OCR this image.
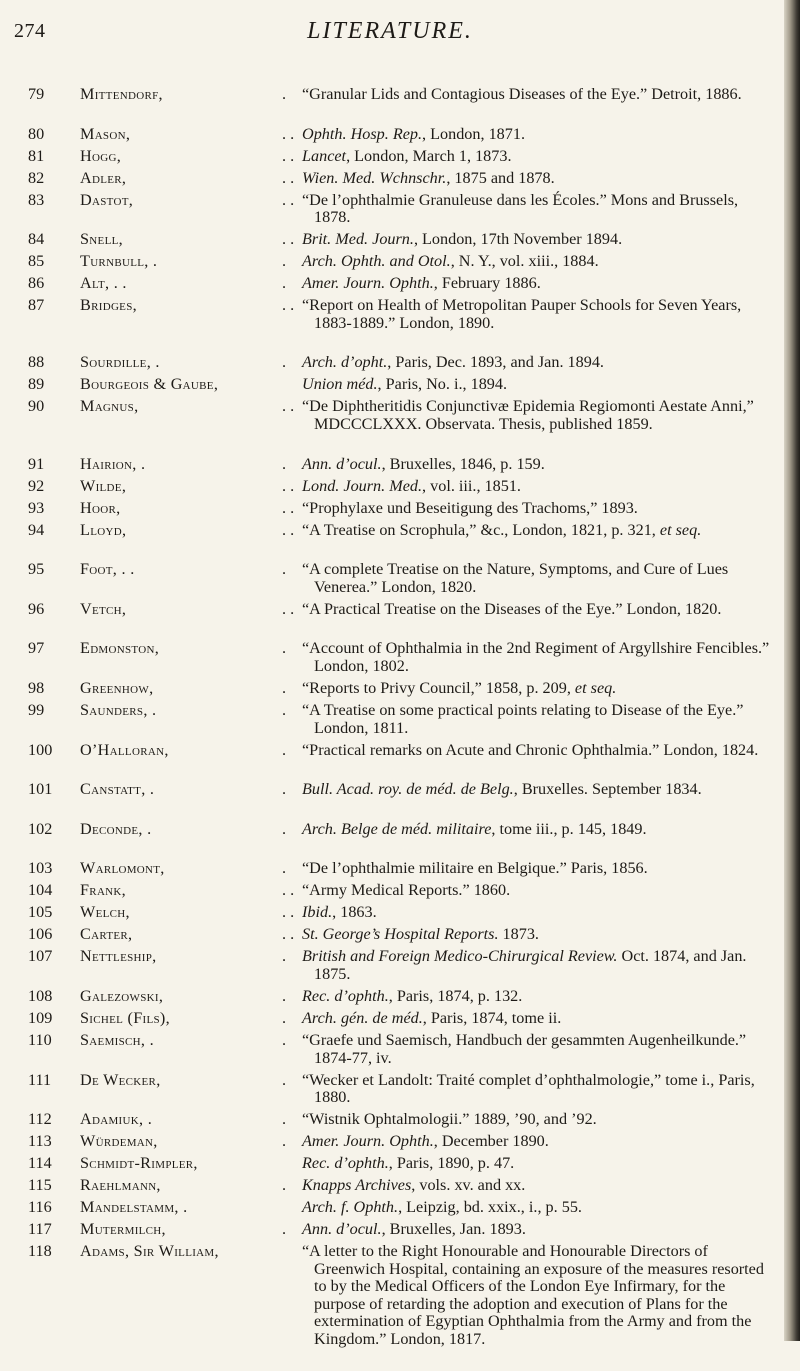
274	LITERATURE.
79	Mittendorf,	. “Granular Lids and Contagious Diseases of the Eye.” Detroit, 1886.
80	Mason,	. . Ophth. Hosp. Rep., London, 1871.
81	Hogg,	. . Lancet, London, March 1, 1873.
82	Adler,	. . Wien. Med. Wchnschr., 1875 and 1878.
83	Dastot,	. . “De l’ophthalmie Granuleuse dans les Écoles.” Mons and Brussels, 1878.
84	Snell,	. . Brit. Med. Journ., London, 17th November 1894.
85	Turnbull, .	. Arch. Ophth. and Otol., N. Y., vol. xiii., 1884.
86	Alt, . .	. Amer. Journ. Ophth., February 1886.
87	Bridges,	. . “Report on Health of Metropolitan Pauper Schools for Seven Years, 1883-1889.” London, 1890.
88	Sourdille, .	. Arch. d’opht., Paris, Dec. 1893, and Jan. 1894.
89	Bourgeois & Gaube,	Union méd., Paris, No. i., 1894.
90	Magnus,	. . “De Diphtheritidis Conjunctivæ Epidemia Regiomonti Aestate Anni,” MDCCCLXXX. Observata. Thesis, published 1859.
91	Hairion, .	. Ann. d’ocul., Bruxelles, 1846, p. 159.
92	Wilde,	. . Lond. Journ. Med., vol. iii., 1851.
93	Hoor,	. . “Prophylaxe und Beseitigung des Trachoms,” 1893.
94	Lloyd,	. . “A Treatise on Scrophula,” &c., London, 1821, p. 321, et seq.
95	Foot, . .	. “A complete Treatise on the Nature, Symptoms, and Cure of Lues Venerea.” London, 1820.
96	Vetch,	. . “A Practical Treatise on the Diseases of the Eye.” London, 1820.
97	Edmonston,	. “Account of Ophthalmia in the 2nd Regiment of Argyllshire Fencibles.” London, 1802.
98	Greenhow,	. “Reports to Privy Council,” 1858, p. 209, et seq.
99	Saunders, .	. “A Treatise on some practical points relating to Disease of the Eye.” London, 1811.
100	O’Halloran,	. “Practical remarks on Acute and Chronic Ophthalmia.” London, 1824.
101	Canstatt, .	. Bull. Acad. roy. de méd. de Belg., Bruxelles. September 1834.
102	Deconde, .	. Arch. Belge de méd. militaire, tome iii., p. 145, 1849.
103	Warlomont,	. “De l’ophthalmie militaire en Belgique.” Paris, 1856.
104	Frank,	. . “Army Medical Reports.” 1860.
105	Welch,	. . Ibid., 1863.
106	Carter,	. . St. George’s Hospital Reports. 1873.
107	Nettleship,	. British and Foreign Medico-Chirurgical Review. Oct. 1874, and Jan. 1875.
108	Galezowski,	. Rec. d’ophth., Paris, 1874, p. 132.
109	Sichel (Fils),	. Arch. gén. de méd., Paris, 1874, tome ii.
110	Saemisch, .	. “Graefe und Saemisch, Handbuch der gesammten Augenheilkunde.” 1874-77, iv.
111	De Wecker,	. “Wecker et Landolt: Traité complet d’ophthalmologie,” tome i., Paris, 1880.
112	Adamiuk, .	. “Wistnik Ophtalmologii.” 1889, ’90, and ’92.
113	Würdeman,	. Amer. Journ. Ophth., December 1890.
114	Schmidt-Rimpler,	Rec. d’ophth., Paris, 1890, p. 47.
115	Raehlmann,	. Knapps Archives, vols. xv. and xx.
116	Mandelstamm, .	Arch. f. Ophth., Leipzig, bd. xxix., i., p. 55.
117	Mutermilch,	. Ann. d’ocul., Bruxelles, Jan. 1893.
118	Adams, Sir William,	“A letter to the Right Honourable and Honourable Directors of Greenwich Hospital, containing an exposure of the measures resorted to by the Medical Officers of the London Eye Infirmary, for the purpose of retarding the adoption and execution of Plans for the extermination of Egyptian Ophthalmia from the Army and from the Kingdom.” London, 1817.
